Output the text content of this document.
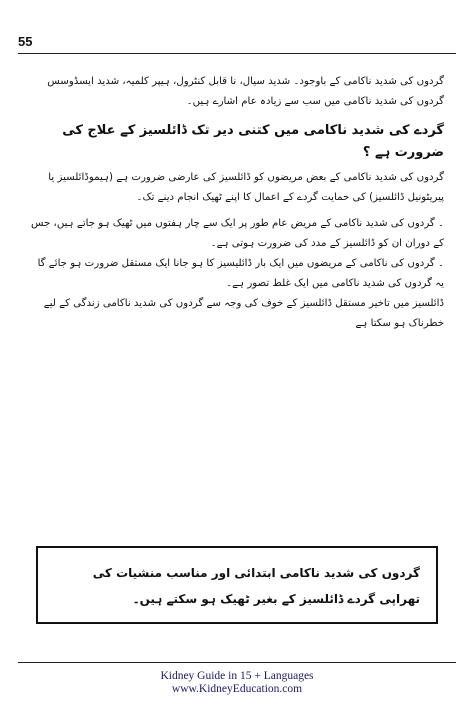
55

گردوں کی شدید ناکامی کے باوجود۔ شدید سیال، نا قابل کنٹرول، ہیپر کلمیہ، شدید ایسڈوسس گردوں کی شدید ناکامی میں سب سے زیادہ عام اشارے ہیں۔

گردے کی شدید ناکامی میں کتنی دیر تک ڈائلسیز کے علاج کی ضرورت ہے ؟

گردوں کی شدید ناکامی کے بعض مریضوں کو ڈائلسیز کی عارضی ضرورت ہے (ہیموڈائلسیز یا پیریٹونیل ڈائلسیز) کی حمایت گردے کے اعمال کا اپنے ٹھیک انجام دینے تک۔

۔ گردوں کی شدید ناکامی کے مریض عام طور پر ایک سے چار ہفتوں میں ٹھیک ہو جاتے ہیں، جس کے دوران ان کو ڈائلسیز کے مدد کی ضرورت ہوتی ہے۔

۔ گردوں کی ناکامی کے مریضوں میں ایک بار ڈائلیسیز کا ہو جانا ایک مستقل ضرورت ہو جائے گا یہ گردوں کی شدید ناکامی میں ایک غلط تصور ہے۔

ڈائلسیز میں تاخیر مستقل ڈائلسیز کے خوف کی وجہ سے گردوں کی شدید ناکامی زندگی کے لیے خطرناک ہو سکتا ہے

گردوں کی شدید ناکامی ابتدائی اور مناسب منشیات کی تھراپی گردے ڈائلسیز کے بغیر ٹھیک ہو سکتے ہیں۔
Kidney Guide in 15 + Languages
www.KidneyEducation.com
